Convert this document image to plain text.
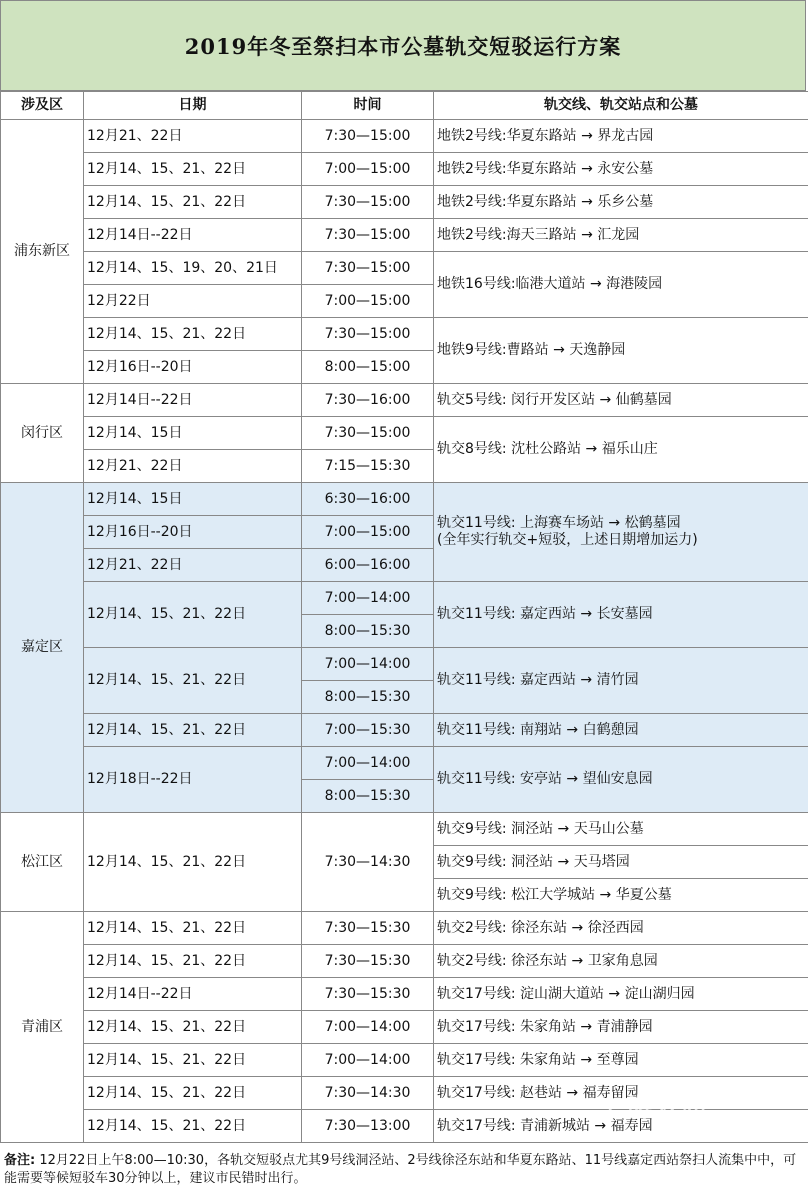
2019年冬至祭扫本市公墓轨交短驳运行方案
涉及区	日期	时间	轨交线、轨交站点和公墓
浦东新区	12月21、22日	7:30—15:00	地铁2号线:华夏东路站 → 界龙古园
	12月14、15、21、22日	7:00—15:00	地铁2号线:华夏东路站 → 永安公墓
	12月14、15、21、22日	7:30—15:00	地铁2号线:华夏东路站 → 乐乡公墓
	12月14日--22日	7:30—15:00	地铁2号线:海天三路站 → 汇龙园
	12月14、15、19、20、21日	7:30—15:00	地铁16号线:临港大道站 → 海港陵园
	12月22日	7:00—15:00	
	12月14、15、21、22日	7:30—15:00	地铁9号线:曹路站 → 天逸静园
	12月16日--20日	8:00—15:00	
闵行区	12月14日--22日	7:30—16:00	轨交5号线: 闵行开发区站 → 仙鹤墓园
	12月14、15日	7:30—15:00	轨交8号线: 沈杜公路站 → 福乐山庄
	12月21、22日	7:15—15:30	
嘉定区	12月14、15日	6:30—16:00	轨交11号线: 上海赛车场站 → 松鹤墓园
(全年实行轨交+短驳，上述日期增加运力)

	12月16日--20日	7:00—15:00	
	12月21、22日	6:00—16:00	
	12月14、15、21、22日	7:00—14:00	轨交11号线: 嘉定西站 → 长安墓园
		8:00—15:30	
	12月14、15、21、22日	7:00—14:00	轨交11号线: 嘉定西站 → 清竹园
		8:00—15:30	
	12月14、15、21、22日	7:00—15:30	轨交11号线: 南翔站 → 白鹤憩园
	12月18日--22日	7:00—14:00	轨交11号线: 安亭站 → 望仙安息园
		8:00—15:30	
松江区	12月14、15、21、22日	7:30—14:30	轨交9号线: 洞泾站 → 天马山公墓
			轨交9号线: 洞泾站 → 天马塔园
			轨交9号线: 松江大学城站 → 华夏公墓
青浦区	12月14、15、21、22日	7:30—15:30	轨交2号线: 徐泾东站 → 徐泾西园
	12月14、15、21、22日	7:30—15:30	轨交2号线: 徐泾东站 → 卫家角息园
	12月14日--22日	7:30—15:30	轨交17号线: 淀山湖大道站 → 淀山湖归园
	12月14、15、21、22日	7:00—14:00	轨交17号线: 朱家角站 → 青浦静园
	12月14、15、21、22日	7:00—14:00	轨交17号线: 朱家角站 → 至尊园
	12月14、15、21、22日	7:30—14:30	轨交17号线: 赵巷站 → 福寿留园
	12月14、15、21、22日	7:30—13:00	轨交17号线: 青浦新城站 → 福寿园
备注: 12月22日上午8:00—10:30，各轨交短驳点尤其9号线洞泾站、2号线徐泾东站和华夏东路站、11号线嘉定西站祭扫人流集中中，可能需要等候短驳车30分钟以上，建议市民错时出行。
上海发布
